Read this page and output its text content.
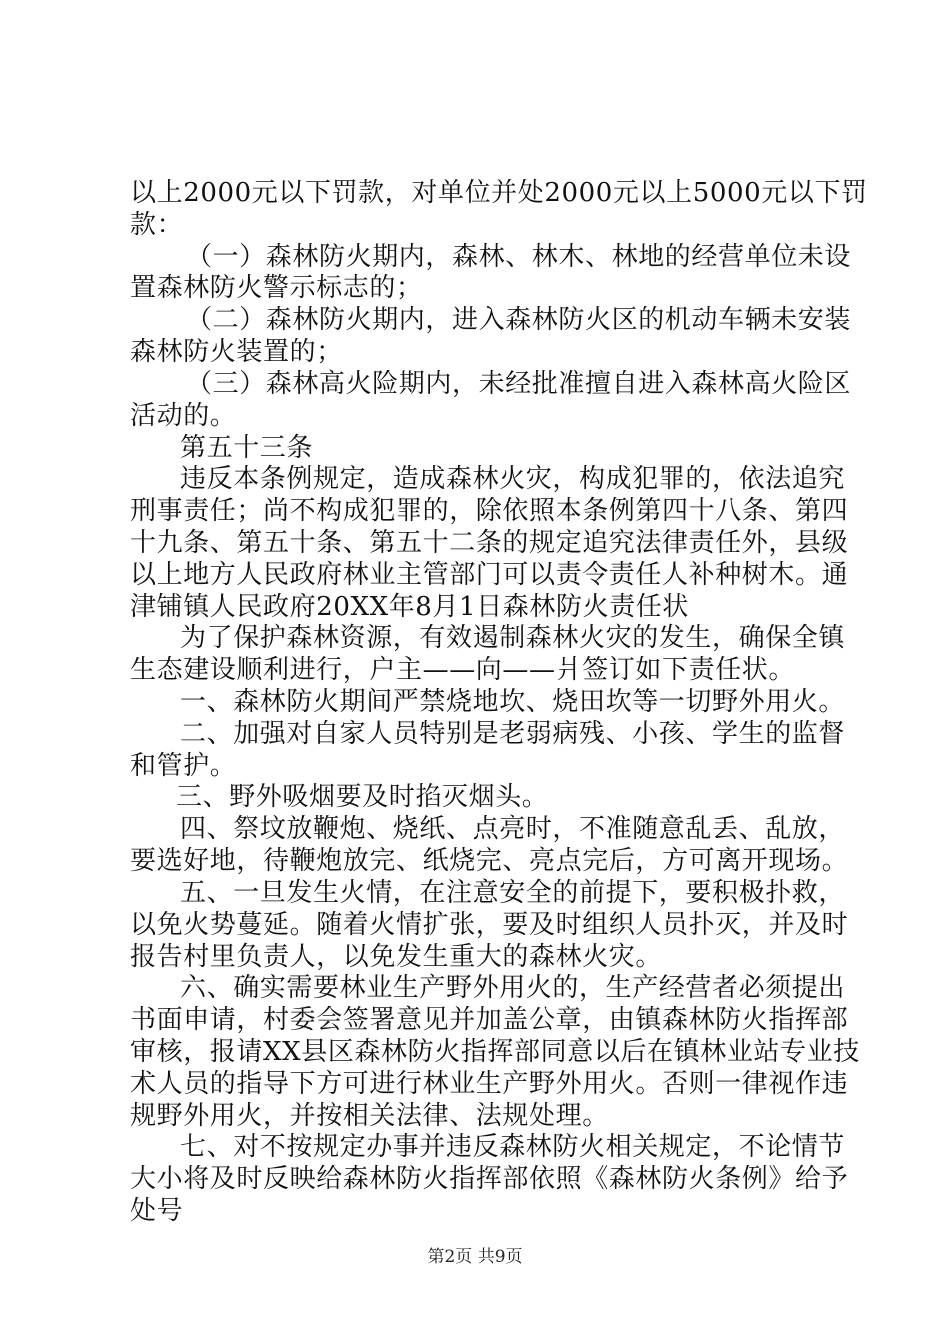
以上2000元以下罚款，对单位并处2000元以上5000元以下罚
款：
（一）森林防火期内，森林、林木、林地的经营单位未设
置森林防火警示标志的；
（二）森林防火期内，进入森林防火区的机动车辆未安装
森林防火装置的；
（三）森林高火险期内，未经批准擅自进入森林高火险区
活动的。
第五十三条
违反本条例规定，造成森林火灾，构成犯罪的，依法追究
刑事责任；尚不构成犯罪的，除依照本条例第四十八条、第四
十九条、第五十条、第五十二条的规定追究法律责任外，县级
以上地方人民政府林业主管部门可以责令责任人补种树木。通
津铺镇人民政府20XX年8月1日森林防火责任状
为了保护森林资源，有效遏制森林火灾的发生，确保全镇
生态建设顺利进行，户主——向——爿签订如下责任状。
一、森林防火期间严禁烧地坎、烧田坎等一切野外用火。
二、加强对自家人员特别是老弱病残、小孩、学生的监督
和管护。
三、野外吸烟要及时掐灭烟头。
四、祭坟放鞭炮、烧纸、点亮时，不准随意乱丢、乱放，
要选好地，待鞭炮放完、纸烧完、亮点完后，方可离开现场。
五、一旦发生火情，在注意安全的前提下，要积极扑救，
以免火势蔓延。随着火情扩张，要及时组织人员扑灭，并及时
报告村里负责人，以免发生重大的森林火灾。
六、确实需要林业生产野外用火的，生产经营者必须提出
书面申请，村委会签署意见并加盖公章，由镇森林防火指挥部
审核，报请XX县区森林防火指挥部同意以后在镇林业站专业技
术人员的指导下方可进行林业生产野外用火。否则一律视作违
规野外用火，并按相关法律、法规处理。
七、对不按规定办事并违反森林防火相关规定，不论情节
大小将及时反映给森林防火指挥部依照《森林防火条例》给予
处号
第2页 共9页
